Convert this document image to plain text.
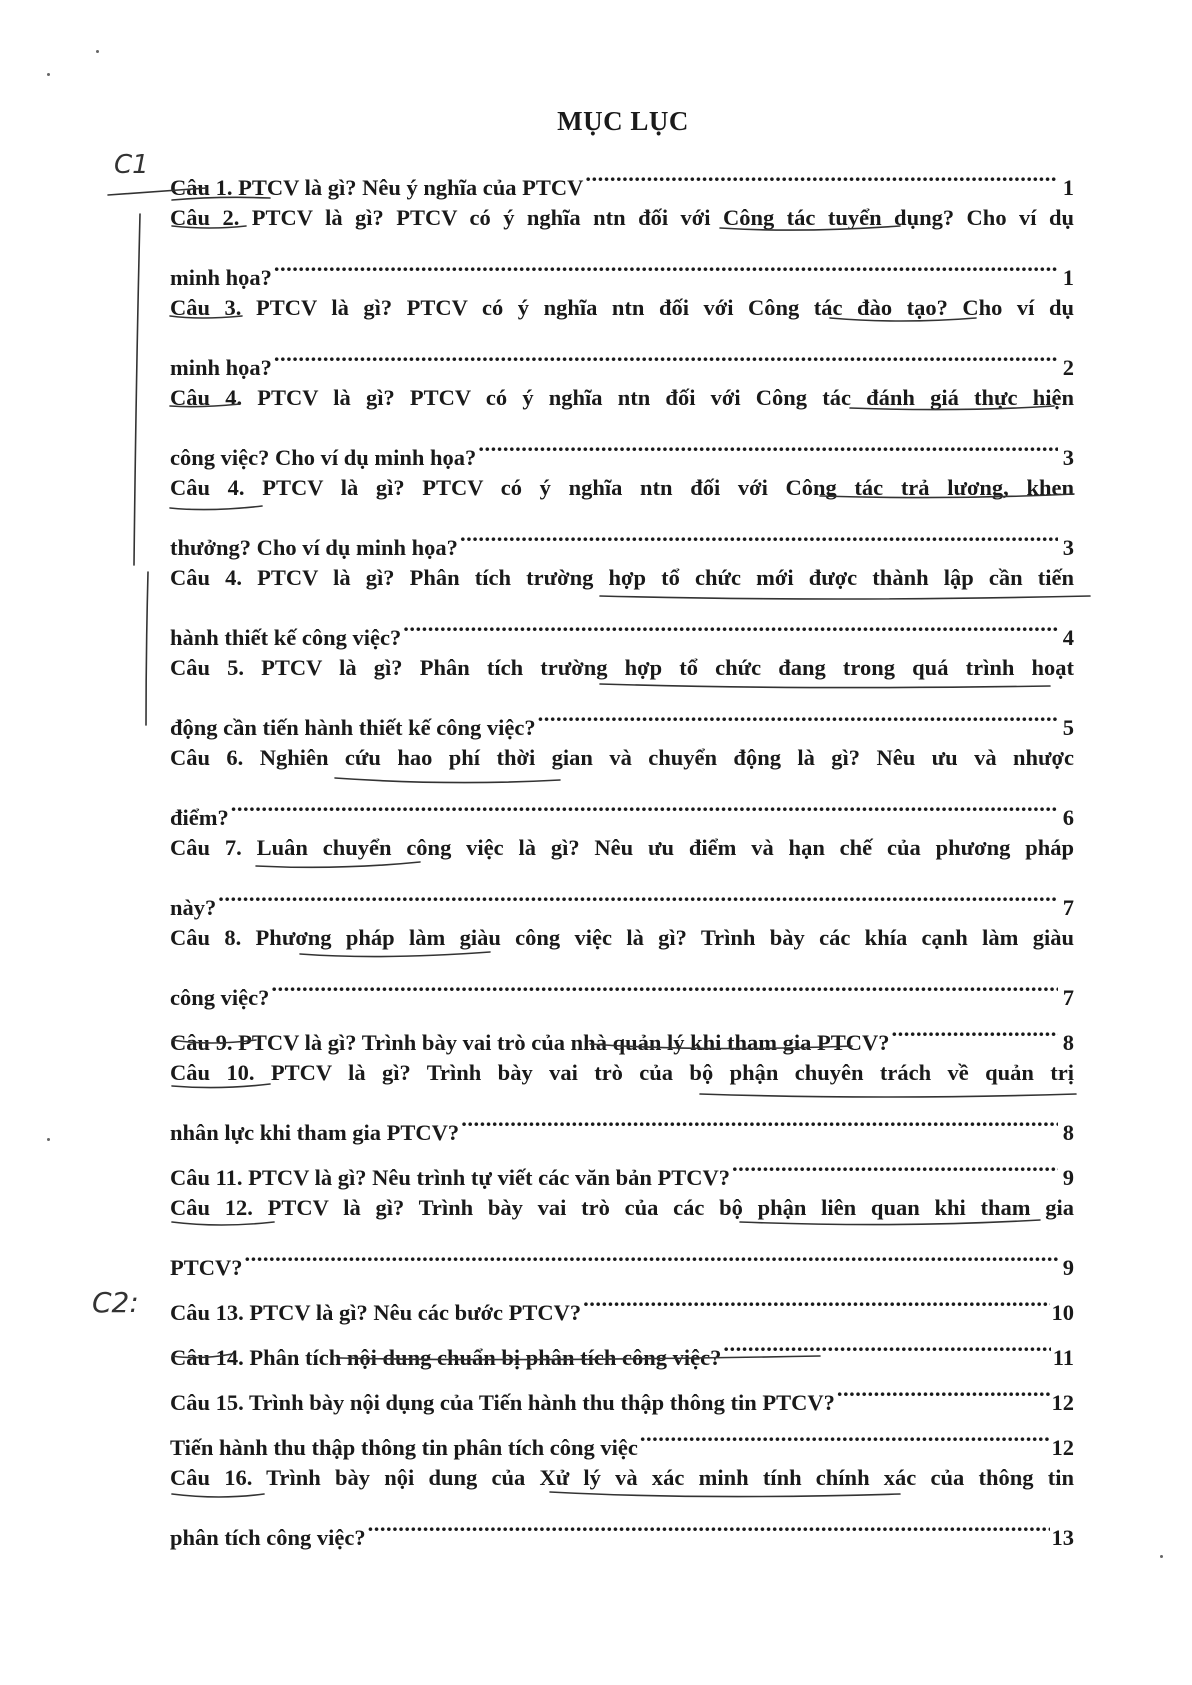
MỤC LỤC
C1
C2:
Câu 1. PTCV là gì? Nêu ý nghĩa của PTCV .....	1
Câu 2. PTCV là gì? PTCV có ý nghĩa ntn đối với Công tác tuyển dụng? Cho ví dụ
minh họa? .....	1
Câu 3. PTCV là gì? PTCV có ý nghĩa ntn đối với Công tác đào tạo? Cho ví dụ
minh họa? .....	2
Câu 4. PTCV là gì? PTCV có ý nghĩa ntn đối với Công tác đánh giá thực hiện
công việc? Cho ví dụ minh họa? .....	3
Câu 4. PTCV là gì? PTCV có ý nghĩa ntn đối với Công tác trả lương, khen
thưởng? Cho ví dụ minh họa? .....	3
Câu 4. PTCV là gì? Phân tích trường hợp tổ chức mới được thành lập cần tiến
hành thiết kế công việc? .....	4
Câu 5. PTCV là gì? Phân tích trường hợp tổ chức đang trong quá trình hoạt
động cần tiến hành thiết kế công việc? .....	5
Câu 6. Nghiên cứu hao phí thời gian và chuyển động là gì? Nêu ưu và nhược
điểm? .....	6
Câu 7. Luân chuyển công việc là gì? Nêu ưu điểm và hạn chế của phương pháp
này? .....	7
Câu 8. Phương pháp làm giàu công việc là gì? Trình bày các khía cạnh làm giàu
công việc? .....	7
Câu 9. PTCV là gì? Trình bày vai trò của nhà quản lý khi tham gia PTCV? .....	8
Câu 10. PTCV là gì? Trình bày vai trò của bộ phận chuyên trách về quản trị
nhân lực khi tham gia PTCV? .....	8
Câu 11. PTCV là gì? Nêu trình tự viết các văn bản PTCV? .....	9
Câu 12. PTCV là gì? Trình bày vai trò của các bộ phận liên quan khi tham gia
PTCV? .....	9
Câu 13. PTCV là gì? Nêu các bước PTCV? .....	10
Câu 14. Phân tích nội dung chuẩn bị phân tích công việc? .....	11
Câu 15. Trình bày nội dụng của Tiến hành thu thập thông tin PTCV? .....	12
Tiến hành thu thập thông tin phân tích công việc .....	12
Câu 16. Trình bày nội dung của Xử lý và xác minh tính chính xác của thông tin
phân tích công việc? .....	13
